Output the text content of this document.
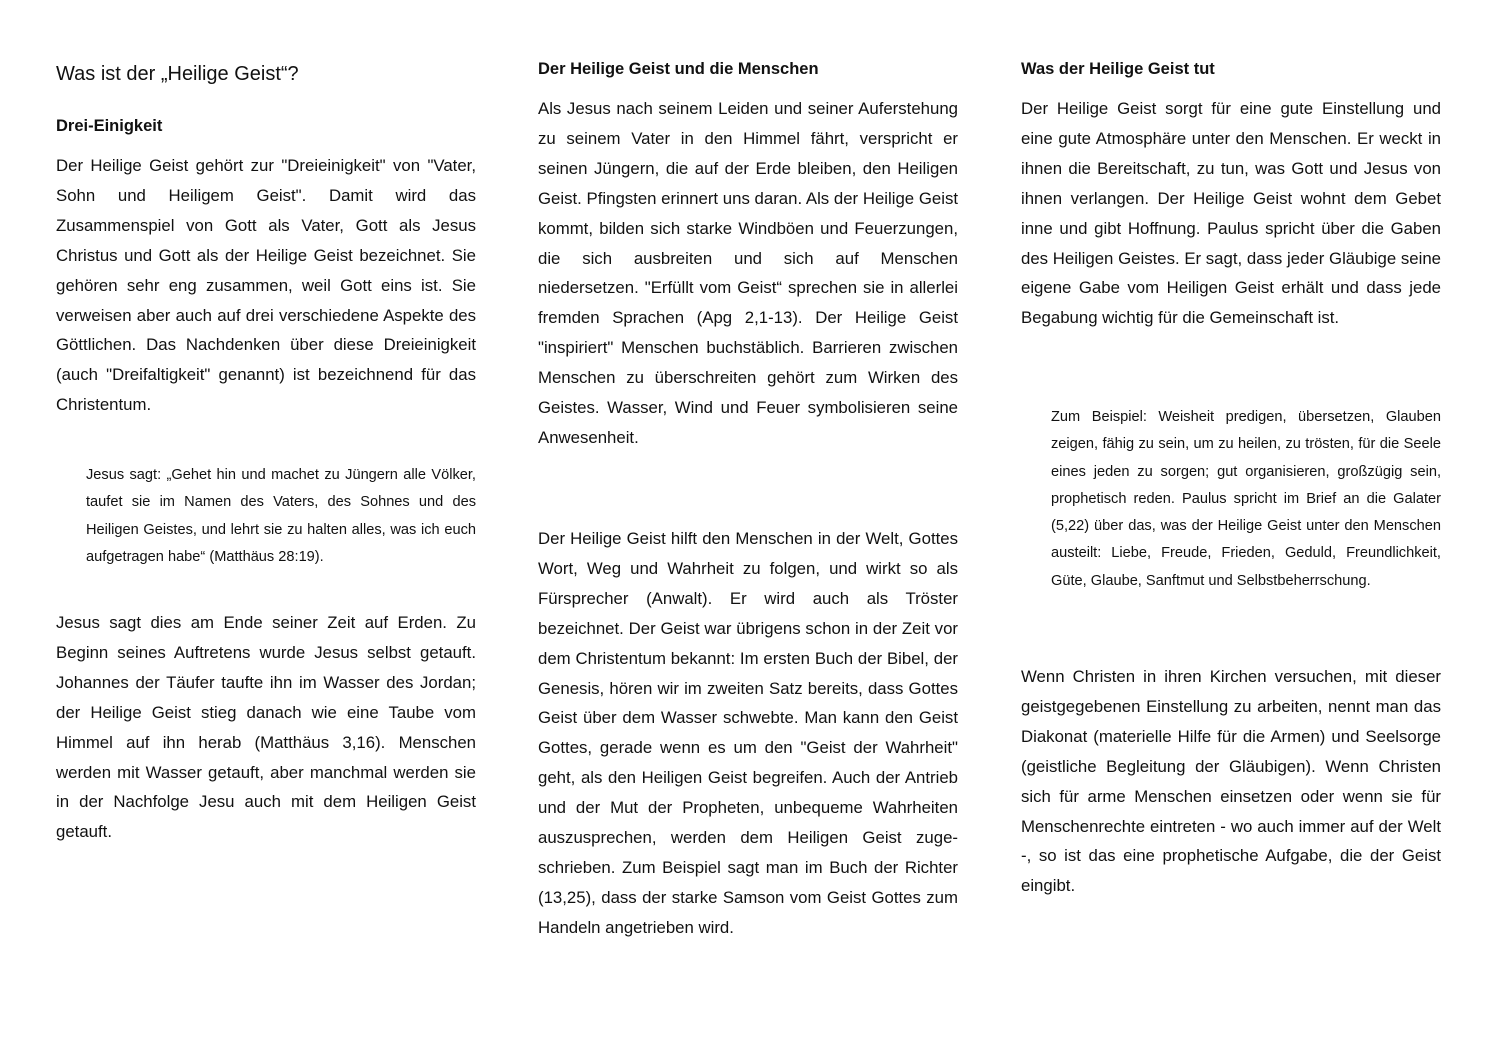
Was ist der „Heilige Geist“?
Drei-Einigkeit

Der Heilige Geist gehört zur "Dreieinigkeit" von "Vater, Sohn und Heiligem Geist". Damit wird das Zusammenspiel von Gott als Vater, Gott als Jesus Christus und Gott als der Heilige Geist bezeichnet. Sie gehören sehr eng zusammen, weil Gott eins ist. Sie verweisen aber auch auf drei verschiedene Aspekte des Göttlichen. Das Nachdenken über diese Dreieinigkeit (auch "Dreifaltigkeit" genannt) ist bezeichnend für das Christentum.

Jesus sagt: „Gehet hin und machet zu Jüngern alle Völker, taufet sie im Namen des Vaters, des Sohnes und des Heiligen Geistes, und lehrt sie zu halten alles, was ich euch aufgetragen habe“ (Matthäus 28:19).

Jesus sagt dies am Ende seiner Zeit auf Erden. Zu Beginn seines Auftretens wurde Jesus selbst getauft. Johannes der Täufer taufte ihn im Wasser des Jordan; der Heilige Geist stieg danach wie eine Taube vom Himmel auf ihn herab (Matthäus 3,16). Menschen werden mit Wasser getauft, aber manchmal werden sie in der Nachfolge Jesu auch mit dem Heiligen Geist getauft.

Der Heilige Geist und die Menschen

Als Jesus nach seinem Leiden und seiner Auferstehung zu seinem Vater in den Himmel fährt, verspricht er seinen Jüngern, die auf der Erde bleiben, den Heiligen Geist. Pfingsten erinnert uns daran. Als der Heilige Geist kommt, bilden sich starke Windböen und Feuerzungen, die sich ausbreiten und sich auf Menschen niedersetzen. "Erfüllt vom Geist“ sprechen sie in allerlei fremden Sprachen (Apg 2,1-13). Der Heilige Geist "inspiriert" Menschen buchstäblich. Barrieren zwischen Menschen zu überschreiten gehört zum Wirken des Geistes. Wasser, Wind und Feuer symbolisieren seine Anwesenheit.

Der Heilige Geist hilft den Menschen in der Welt, Gottes Wort, Weg und Wahrheit zu folgen, und wirkt so als Fürsprecher (Anwalt). Er wird auch als Tröster bezeichnet. Der Geist war übrigens schon in der Zeit vor dem Christentum bekannt: Im ersten Buch der Bibel, der Genesis, hören wir im zweiten Satz bereits, dass Gottes Geist über dem Wasser schwebte. Man kann den Geist Gottes, gerade wenn es um den "Geist der Wahrheit" geht, als den Heiligen Geist begreifen. Auch der Antrieb und der Mut der Propheten, unbequeme Wahrheiten auszusprechen, werden dem Heiligen Geist zugeschrieben. Zum Beispiel sagt man im Buch der Richter (13,25), dass der starke Samson vom Geist Gottes zum Handeln angetrieben wird.

Was der Heilige Geist tut

Der Heilige Geist sorgt für eine gute Einstellung und eine gute Atmosphäre unter den Menschen. Er weckt in ihnen die Bereitschaft, zu tun, was Gott und Jesus von ihnen verlangen. Der Heilige Geist wohnt dem Gebet inne und gibt Hoffnung. Paulus spricht über die Gaben des Heiligen Geistes. Er sagt, dass jeder Gläubige seine eigene Gabe vom Heiligen Geist erhält und dass jede Begabung wichtig für die Gemeinschaft ist.

Zum Beispiel: Weisheit predigen, übersetzen, Glauben zeigen, fähig zu sein, um zu heilen, zu trösten, für die Seele eines jeden zu sorgen; gut organisieren, großzügig sein, prophetisch reden. Paulus spricht im Brief an die Galater (5,22) über das, was der Heilige Geist unter den Menschen austeilt: Liebe, Freude, Frieden, Geduld, Freundlichkeit, Güte, Glaube, Sanftmut und Selbstbeherrschung.

Wenn Christen in ihren Kirchen versuchen, mit dieser geistgegebenen Einstellung zu arbeiten, nennt man das Diakonat (materielle Hilfe für die Armen) und Seelsorge (geistliche Begleitung der Gläubigen). Wenn Christen sich für arme Menschen einsetzen oder wenn sie für Menschenrechte eintreten - wo auch immer auf der Welt -, so ist das eine prophetische Aufgabe, die der Geist eingibt.
